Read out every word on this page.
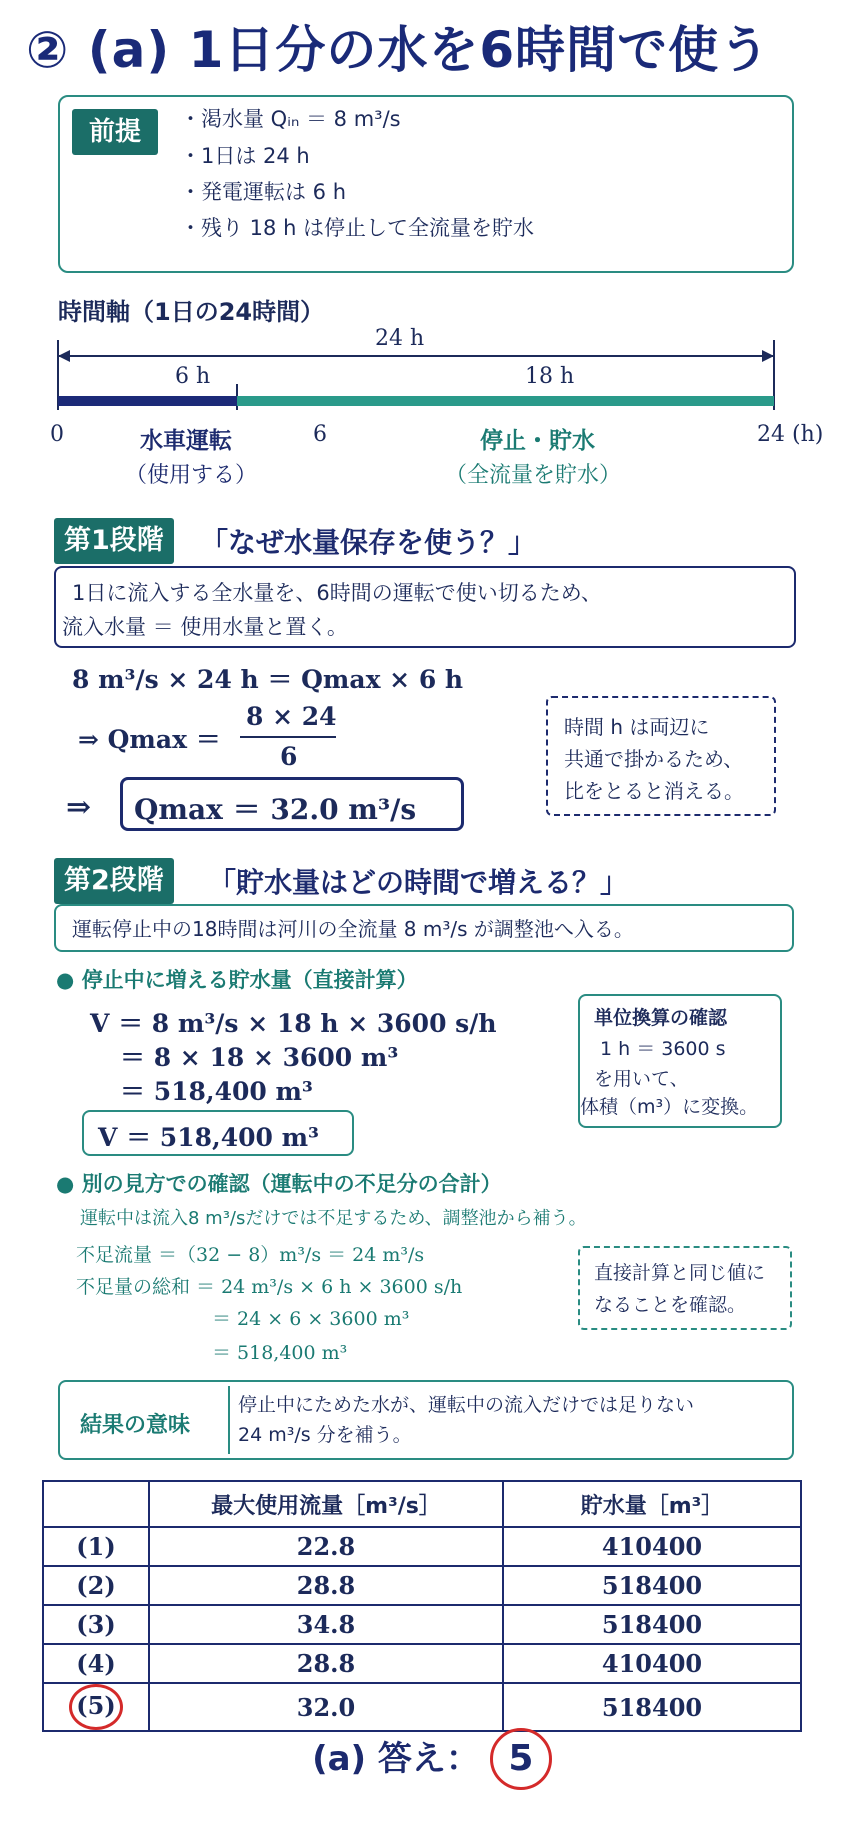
② (a) 1日分の水を6時間で使う
前提	・渇水量 Qᵢₙ ＝ 8 m³/s
・1日は 24 h
・発電運転は 6 h
・残り 18 h は停止して全流量を貯水
時間軸（1日の24時間）
24 h
6 h	18 h
0	6	24 (h)
水車運転
（使用する）
停止・貯水
（全流量を貯水）
第1段階	「なぜ水量保存を使う？」
1日に流入する全水量を、6時間の運転で使い切るため、
流入水量 ＝ 使用水量と置く。
8 m³/s × 24 h ＝ Qmax × 6 h
⇒ Qmax ＝
8 × 24
6
⇒ Qmax ＝ 32.0 m³/s
時間 h は両辺に
共通で掛かるため、
比をとると消える。
第2段階	「貯水量はどの時間で増える？」
運転停止中の18時間は河川の全流量 8 m³/s が調整池へ入る。
● 停止中に増える貯水量（直接計算）
V ＝ 8 m³/s × 18 h × 3600 s/h
＝ 8 × 18 × 3600 m³
＝ 518,400 m³
V ＝ 518,400 m³
単位換算の確認
1 h ＝ 3600 s
を用いて、
体積（m³）に変換。
● 別の見方での確認（運転中の不足分の合計）
運転中は流入8 m³/sだけでは不足するため、調整池から補う。
不足流量 ＝（32 − 8）m³/s ＝ 24 m³/s
不足量の総和 ＝ 24 m³/s × 6 h × 3600 s/h
＝ 24 × 6 × 3600 m³
＝ 518,400 m³
直接計算と同じ値に
なることを確認。
結果の意味
停止中にためた水が、運転中の流入だけでは足りない
24 m³/s 分を補う。
	最大使用流量［m³/s］	貯水量［m³］
(1)	22.8	410400
(2)	28.8	518400
(3)	34.8	518400
(4)	28.8	410400
(5)	32.0	518400
(a) 答え： 5
